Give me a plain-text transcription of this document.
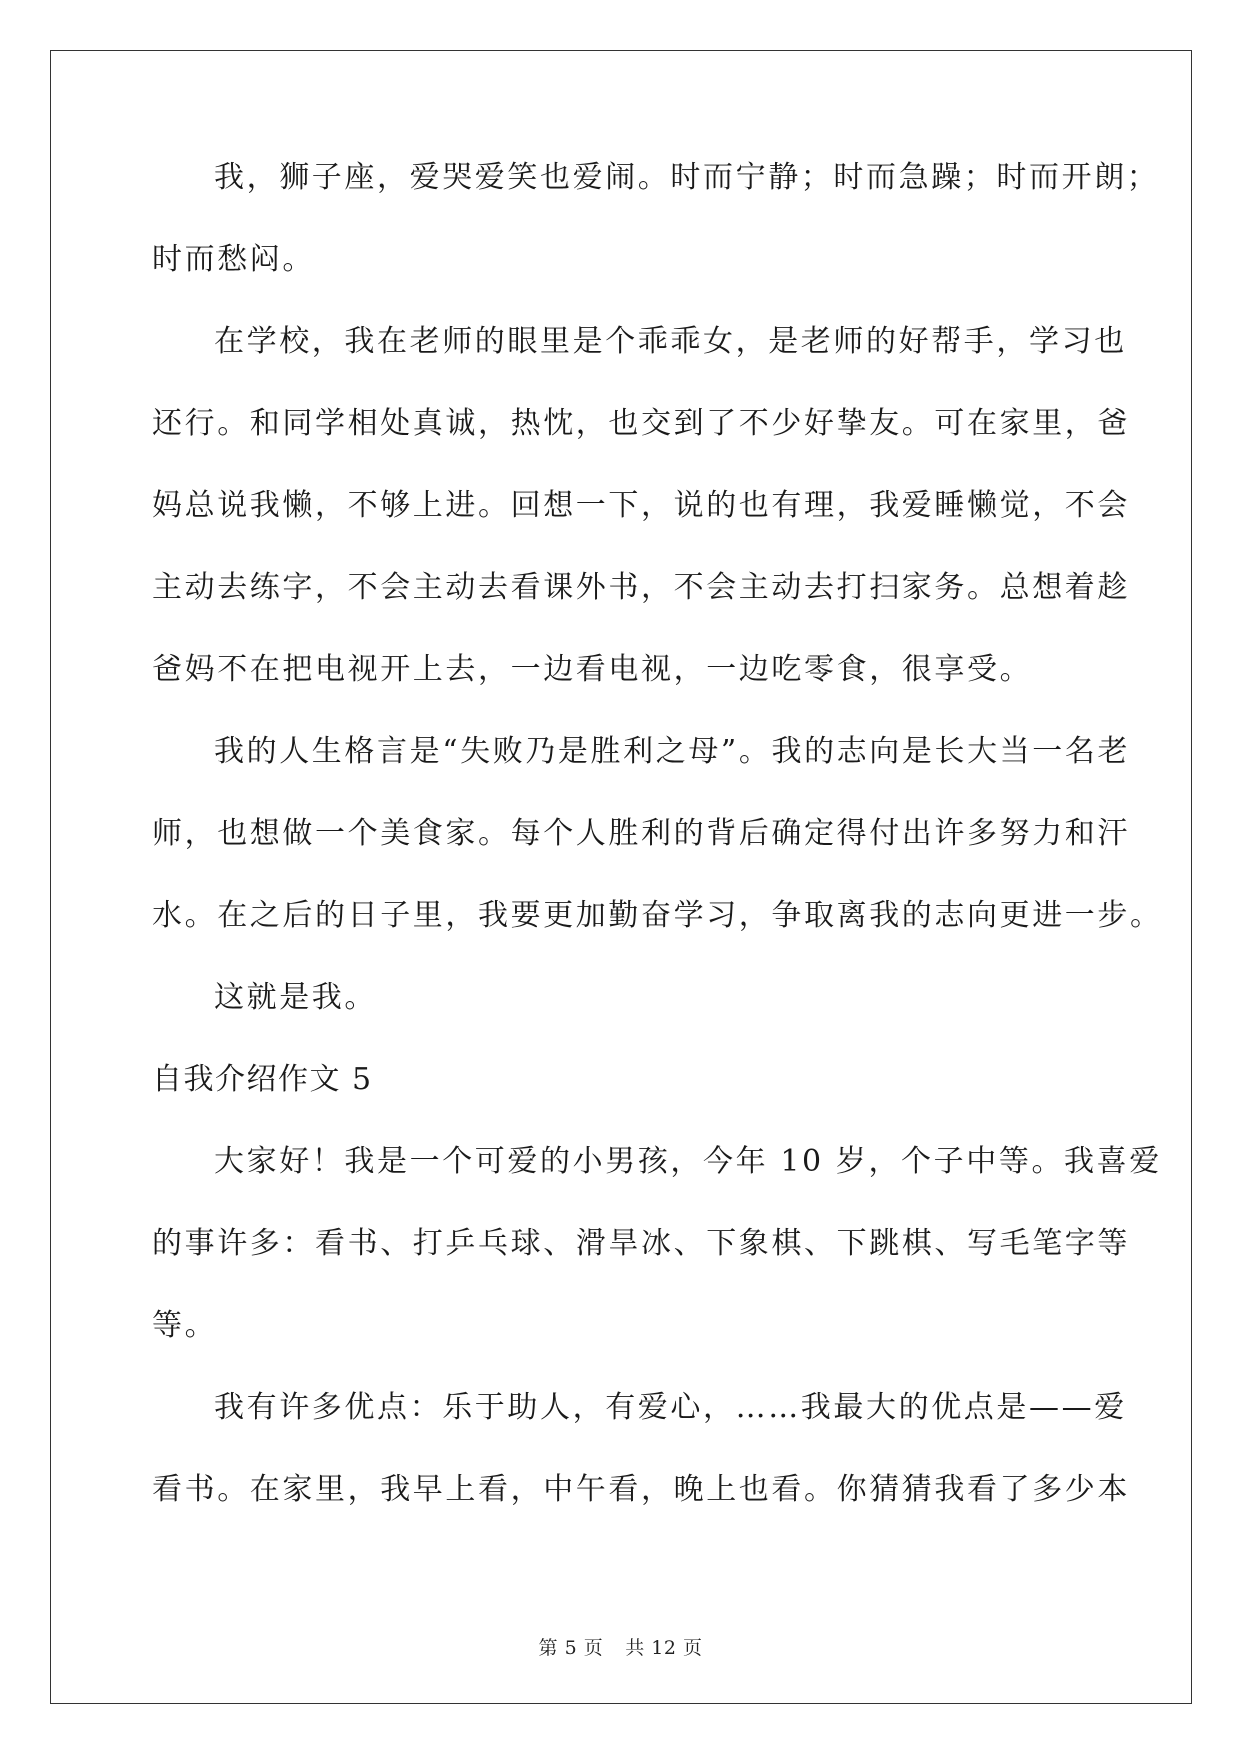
我，狮子座，爱哭爱笑也爱闹。时而宁静；时而急躁；时而开朗；
时而愁闷。
在学校，我在老师的眼里是个乖乖女，是老师的好帮手，学习也
还行。和同学相处真诚，热忱，也交到了不少好挚友。可在家里，爸
妈总说我懒，不够上进。回想一下，说的也有理，我爱睡懒觉，不会
主动去练字，不会主动去看课外书，不会主动去打扫家务。总想着趁
爸妈不在把电视开上去，一边看电视，一边吃零食，很享受。
我的人生格言是“失败乃是胜利之母”。我的志向是长大当一名老
师，也想做一个美食家。每个人胜利的背后确定得付出许多努力和汗
水。在之后的日子里，我要更加勤奋学习，争取离我的志向更进一步。
这就是我。
自我介绍作文 5
大家好！我是一个可爱的小男孩，今年 10 岁，个子中等。我喜爱
的事许多：看书、打乒乓球、滑旱冰、下象棋、下跳棋、写毛笔字等
等。
我有许多优点：乐于助人，有爱心，……我最大的优点是——爱
看书。在家里，我早上看，中午看，晚上也看。你猜猜我看了多少本
第 5 页 共 12 页
